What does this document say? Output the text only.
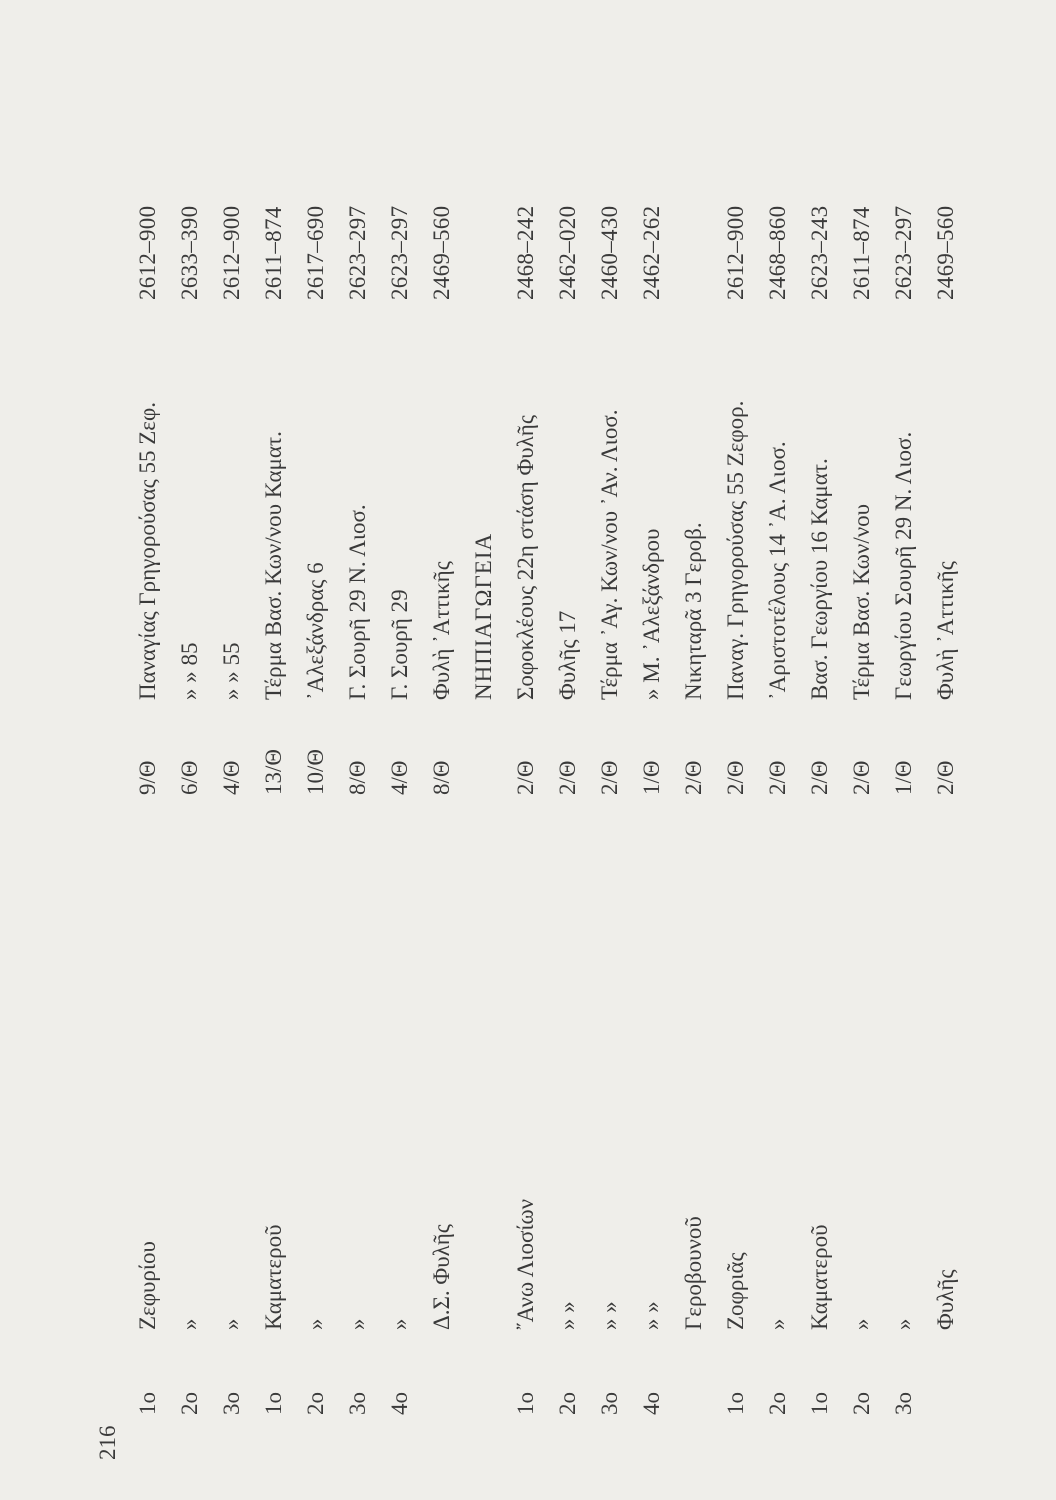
216
ΝΗΠΙΑΓΩΓΕΙΑ
1ο
Ζεφυρίου
9/Θ
Παναγίας Γρηγορούσας 55 Ζεφ.
2612–900
2ο
»
6/Θ
» » 85
2633–390
3ο
»
4/Θ
» » 55
2612–900
1ο
Καματεροῦ
13/Θ
Τέρμα Βασ. Κων/νου Καματ.
2611–874
2ο
»
10/Θ
᾿Αλεξάνδρας 6
2617–690
3ο
»
8/Θ
Γ. Σουρῆ 29 Ν. Λιοσ.
2623–297
4ο
»
4/Θ
Γ. Σουρῆ 29
2623–297
Δ.Σ. Φυλῆς
8/Θ
Φυλὴ ᾿Αττικῆς
2469–560
1ο
῎Ανω Λιοσίων
2/Θ
Σοφοκλέους 22η στάση Φυλῆς
2468–242
2ο
» »
2/Θ
Φυλῆς 17
2462–020
3ο
» »
2/Θ
Τέρμα ᾿Αγ. Κων/νου ᾿Αν. Λιοσ.
2460–430
4ο
» »
1/Θ
» Μ. ᾿Αλεξάνδρου
2462–262
Γεροβουνοῦ
2/Θ
Νικηταρᾶ 3 Γεροβ.
1ο
Ζοφριᾶς
2/Θ
Παναγ. Γρηγορούσας 55 Ζεφορ.
2612–900
2ο
»
2/Θ
᾿Αριστοτέλους 14 ᾿Α. Λιοσ.
2468–860
1ο
Καματεροῦ
2/Θ
Βασ. Γεωργίου 16 Καματ.
2623–243
2ο
»
2/Θ
Τέρμα Βασ. Κων/νου
2611–874
3ο
»
1/Θ
Γεωργίου Σουρῆ 29 Ν. Λιοσ.
2623–297
Φυλῆς
2/Θ
Φυλὴ ᾿Αττικῆς
2469–560
